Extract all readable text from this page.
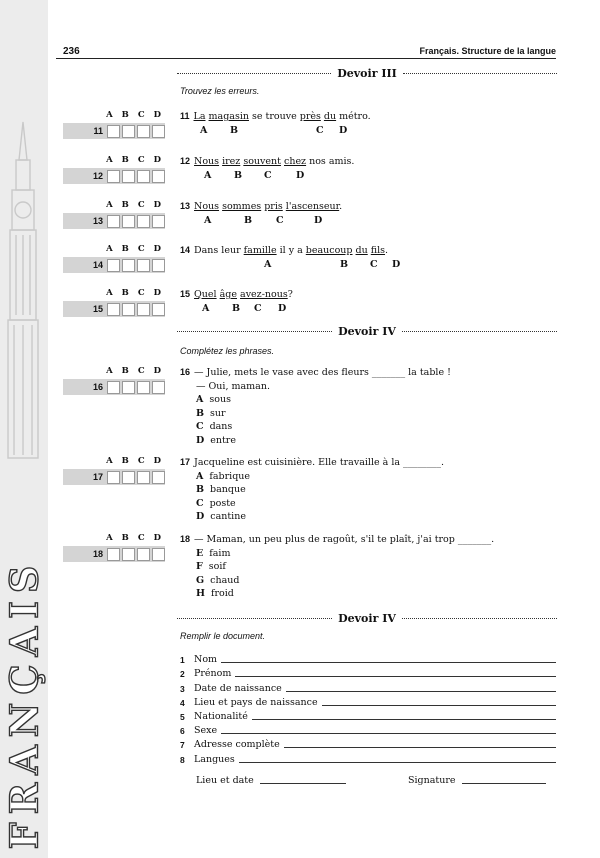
FRANÇAIS
236	Français. Structure de la langue
Devoir III
Trouvez les erreurs.
Devoir IV
Complétez les phrases.
Devoir IV
Remplir le document.
A B C D
11
11 La magasin se trouve près du métro.
A B	C D
A B C D
12
12 Nous irez souvent chez nos amis.
A B C	D
A B C D
13
13 Nous sommes pris l'ascenseur.
A	B	C	D
A B C D
14
14 Dans leur famille il y a beaucoup du fils.
A	B C D
A B C D
15
15 Quel âge avez-nous?
A B C D
A B C D
16
16 — Julie, mets le vase avec des fleurs _______ la table !
— Oui, maman.
A sous
B sur
C dans
D entre
A B C D
17
17 Jacqueline est cuisinière. Elle travaille à la ________.
A fabrique
B banque
C poste
D cantine
A B C D
18
18 — Maman, un peu plus de ragoût, s'il te plaît, j'ai trop _______.
E faim
F soif
G chaud
H froid
1 Nom
2 Prénom
3 Date de naissance
4 Lieu et pays de naissance
5 Nationalité
6 Sexe
7 Adresse complète
8 Langues
Lieu et date	Signature
